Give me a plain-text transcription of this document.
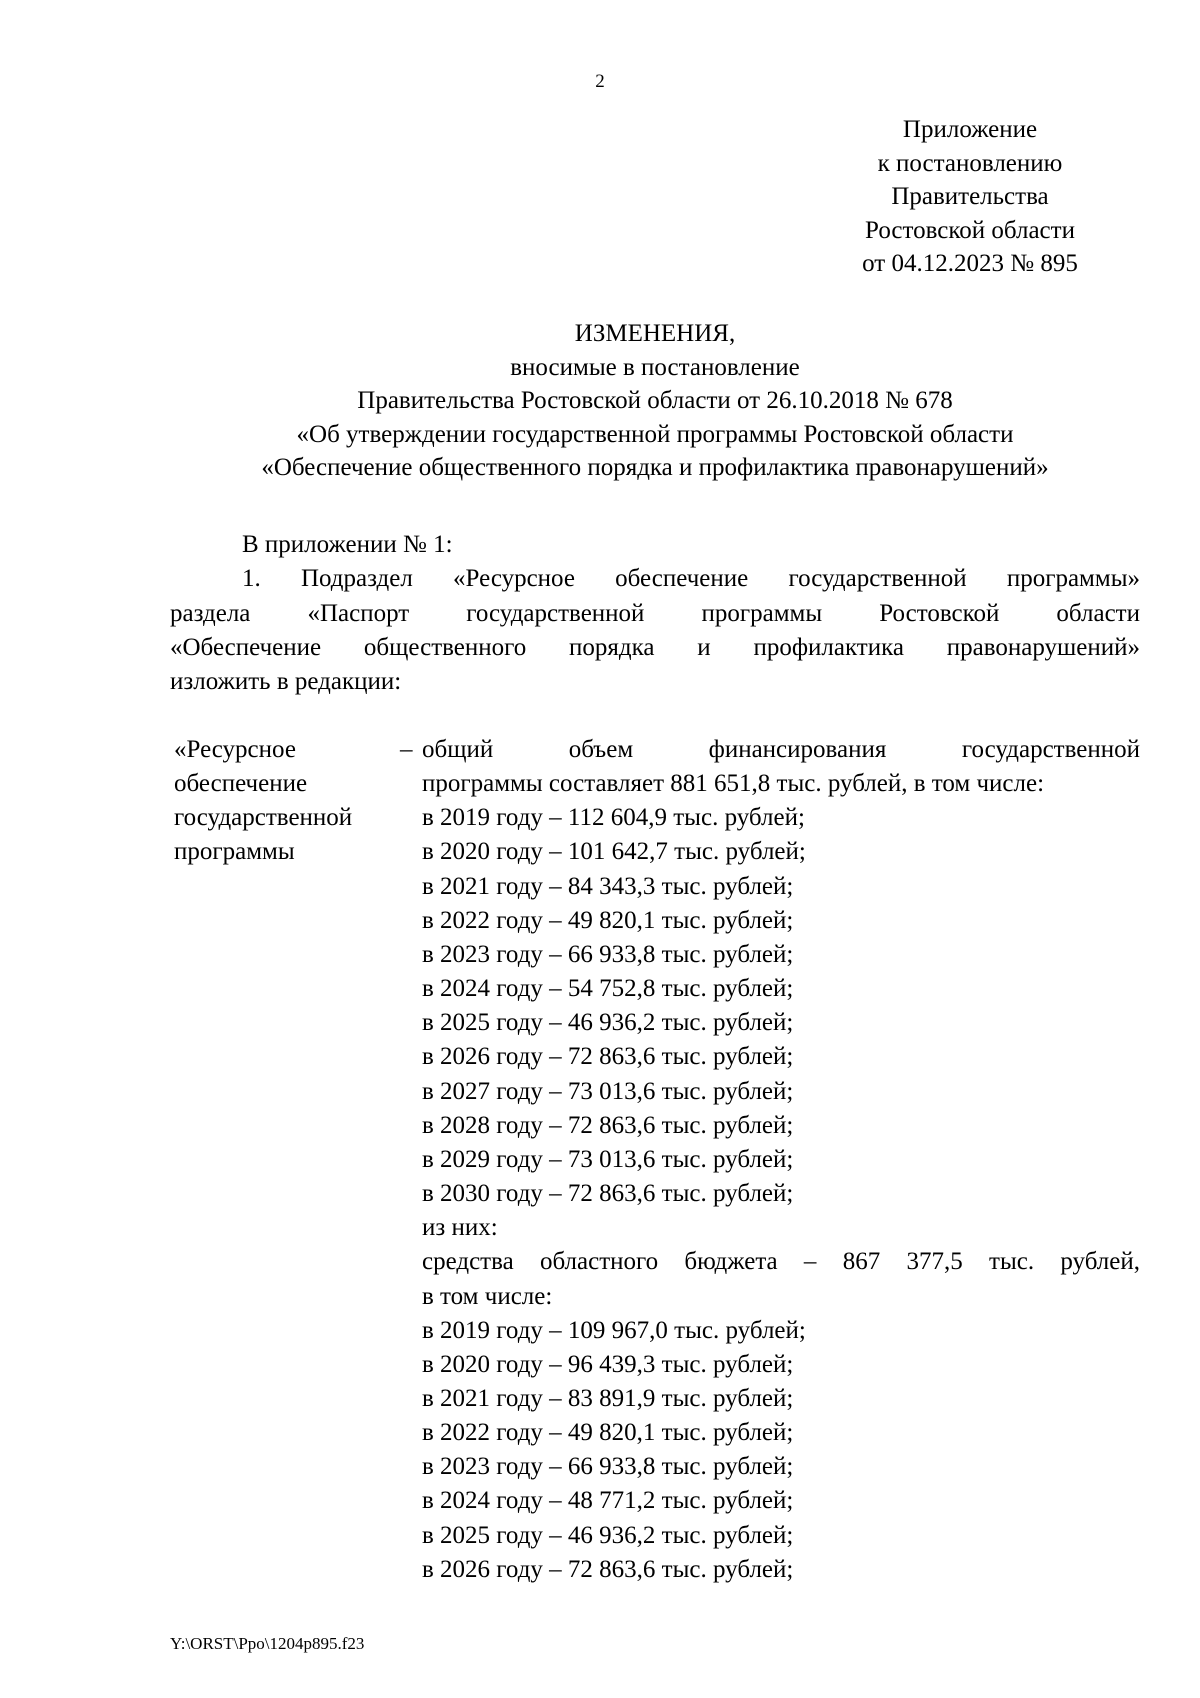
2
Приложение
к постановлению
Правительства
Ростовской области
от 04.12.2023 № 895
ИЗМЕНЕНИЯ,
вносимые в постановление
Правительства Ростовской области от 26.10.2018 № 678
«Об утверждении государственной программы Ростовской области
«Обеспечение общественного порядка и профилактика правонарушений»
В приложении № 1:
1. Подраздел «Ресурсное обеспечение государственной программы»
раздела «Паспорт государственной программы Ростовской области
«Обеспечение общественного порядка и профилактика правонарушений»
изложить в редакции:
«Ресурсное
обеспечение
государственной
программы
– общий объем финансирования государственной
программы составляет 881 651,8 тыс. рублей, в том числе:
в 2019 году – 112 604,9 тыс. рублей;
в 2020 году – 101 642,7 тыс. рублей;
в 2021 году – 84 343,3 тыс. рублей;
в 2022 году – 49 820,1 тыс. рублей;
в 2023 году – 66 933,8 тыс. рублей;
в 2024 году – 54 752,8 тыс. рублей;
в 2025 году – 46 936,2 тыс. рублей;
в 2026 году – 72 863,6 тыс. рублей;
в 2027 году – 73 013,6 тыс. рублей;
в 2028 году – 72 863,6 тыс. рублей;
в 2029 году – 73 013,6 тыс. рублей;
в 2030 году – 72 863,6 тыс. рублей;
из них:
средства областного бюджета – 867 377,5 тыс. рублей,
в том числе:
в 2019 году – 109 967,0 тыс. рублей;
в 2020 году – 96 439,3 тыс. рублей;
в 2021 году – 83 891,9 тыс. рублей;
в 2022 году – 49 820,1 тыс. рублей;
в 2023 году – 66 933,8 тыс. рублей;
в 2024 году – 48 771,2 тыс. рублей;
в 2025 году – 46 936,2 тыс. рублей;
в 2026 году – 72 863,6 тыс. рублей;
Y:\ORST\Ppo\1204p895.f23
